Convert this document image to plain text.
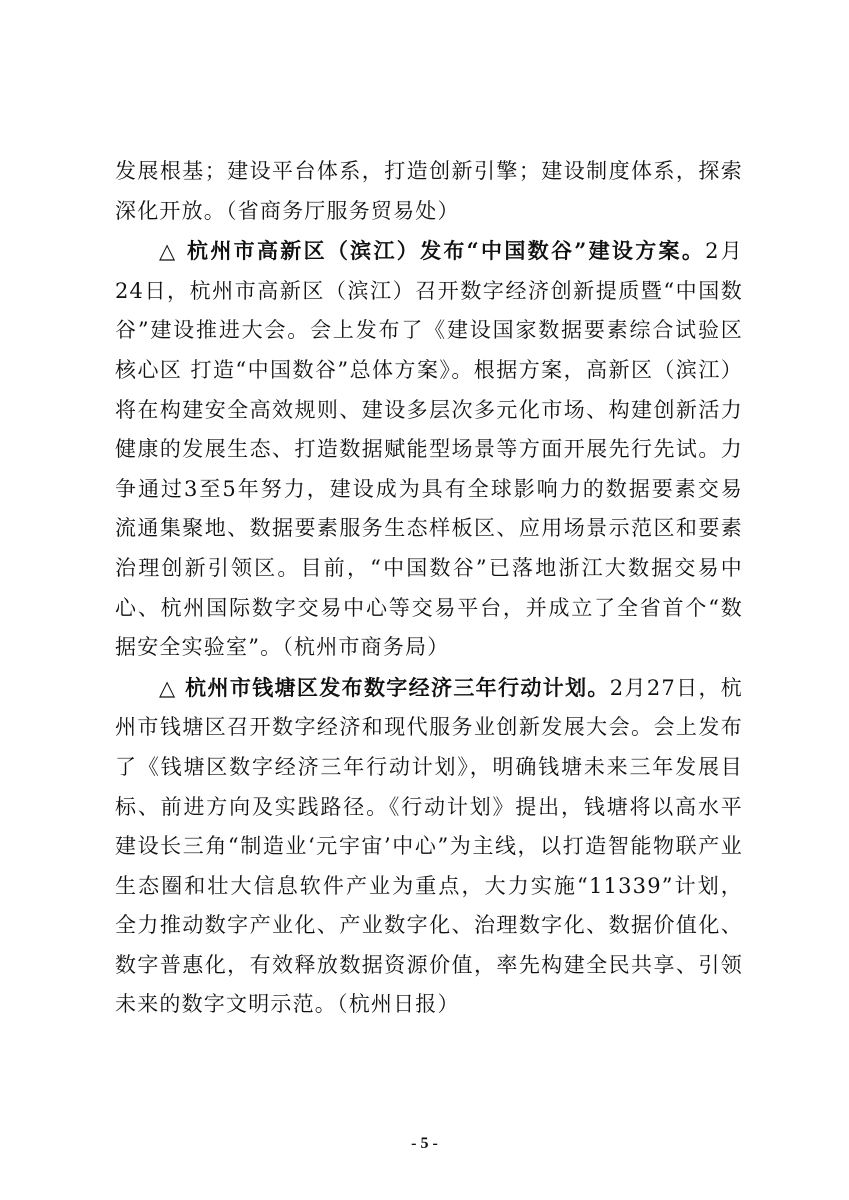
发展根基；建设平台体系，打造创新引擎；建设制度体系，探索深化开放。（省商务厅服务贸易处）

△ 杭州市高新区（滨江）发布“中国数谷”建设方案。2月24日，杭州市高新区（滨江）召开数字经济创新提质暨“中国数谷”建设推进大会。会上发布了《建设国家数据要素综合试验区核心区 打造“中国数谷”总体方案》。根据方案，高新区（滨江）将在构建安全高效规则、建设多层次多元化市场、构建创新活力健康的发展生态、打造数据赋能型场景等方面开展先行先试。力争通过3至5年努力，建设成为具有全球影响力的数据要素交易流通集聚地、数据要素服务生态样板区、应用场景示范区和要素治理创新引领区。目前，“中国数谷”已落地浙江大数据交易中心、杭州国际数字交易中心等交易平台，并成立了全省首个“数据安全实验室”。（杭州市商务局）

△ 杭州市钱塘区发布数字经济三年行动计划。2月27日，杭州市钱塘区召开数字经济和现代服务业创新发展大会。会上发布了《钱塘区数字经济三年行动计划》，明确钱塘未来三年发展目标、前进方向及实践路径。《行动计划》提出，钱塘将以高水平建设长三角“制造业‘元宇宙’中心”为主线，以打造智能物联产业生态圈和壮大信息软件产业为重点，大力实施“11339”计划，全力推动数字产业化、产业数字化、治理数字化、数据价值化、数字普惠化，有效释放数据资源价值，率先构建全民共享、引领未来的数字文明示范。（杭州日报）

- 5 -
